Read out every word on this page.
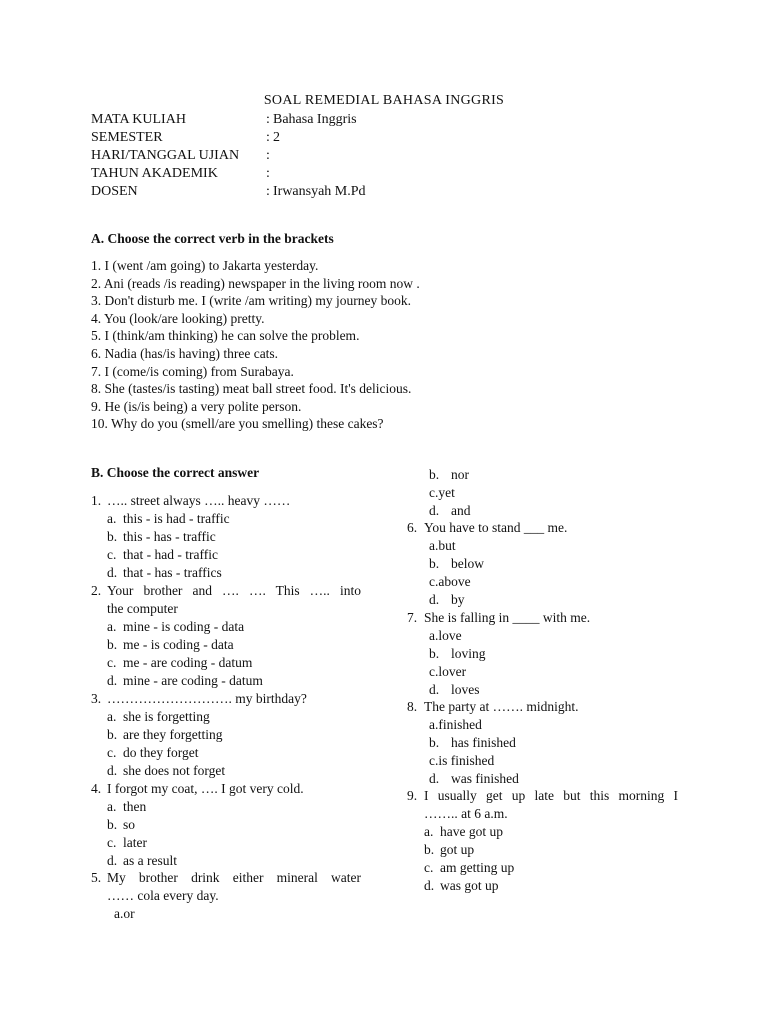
SOAL REMEDIAL BAHASA INGGRIS
MATA KULIAH	: Bahasa Inggris
SEMESTER	: 2
HARI/TANGGAL UJIAN :
TAHUN AKADEMIK	:
DOSEN	: Irwansyah M.Pd
A. Choose the correct verb in the brackets
1. I (went /am going) to Jakarta yesterday.
2. Ani (reads /is reading) newspaper in the living room now .
3. Don't disturb me. I (write /am writing) my journey book.
4. You (look/are looking) pretty.
5. I (think/am thinking) he can solve the problem.
6. Nadia (has/is having) three cats.
7. I (come/is coming) from Surabaya.
8. She (tastes/is tasting) meat ball street food. It's delicious.
9. He (is/is being) a very polite person.
10. Why do you (smell/are you smelling) these cakes?
B. Choose the correct answer
1. ….. street always ….. heavy ……
a. this - is had - traffic
b. this - has - traffic
c. that - had - traffic
d. that - has - traffics
2. Your brother and …. …. This ….. into
the computer
a. mine - is coding - data
b. me - is coding - data
c. me - are coding - datum
d. mine - are coding - datum
3. ………………………. my birthday?
a. she is forgetting
b. are they forgetting
c. do they forget
d. she does not forget
4. I forgot my coat, …. I got very cold.
a. then
b. so
c. later
d. as a result
5. My brother drink either mineral water
…… cola every day.
a.or
b. nor
c.yet
d. and
6. You have to stand ___ me.
a.but
b. below
c.above
d. by
7. She is falling in ____ with me.
a.love
b. loving
c.lover
d. loves
8. The party at ……. midnight.
a.finished
b. has finished
c.is finished
d. was finished
9. I usually get up late but this morning I
…….. at 6 a.m.
a. have got up
b. got up
c. am getting up
d. was got up
